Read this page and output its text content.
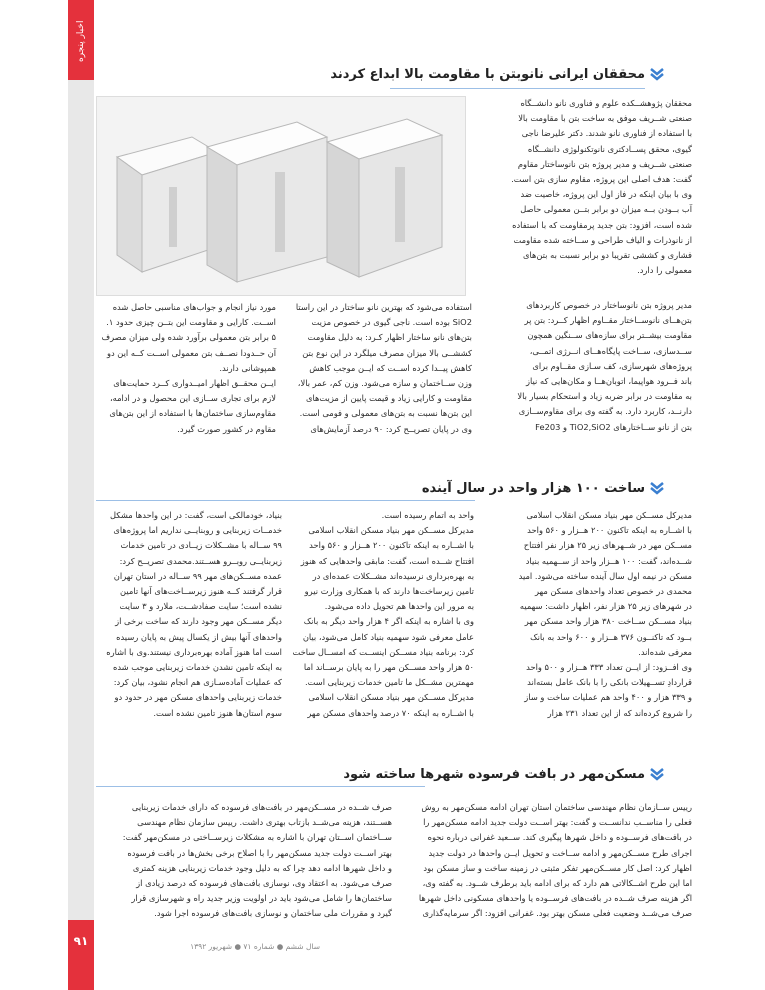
اخبار پنجره
۹۱	سال ششم ● شماره ۷۱ ● شهریور ۱۳۹۲
محققان ایرانی نانوبتن با مقاومت بالا ابداع کردند

محققان پژوهشــکده علوم و فناوری نانو دانشــگاه
صنعتی شــریف موفق به ساخت بتن با مقاومت بالا
با استفاده از فناوری نانو شدند. دکتر علیرضا ناجی
گیوی، محقق پســادکتری نانوتکنولوژی دانشــگاه
صنعتی شــریف و مدیر پروژه بتن نانوساختار مقاوم
گفت: هدف اصلی این پروژه، مقاوم سازی بتن است.
وی با بیان اینکه در فاز اول این پروژه، خاصیت ضد
آب بــودن بــه میزان دو برابر بتــن معمولی حاصل
شده است، افزود: بتن جدید پرمقاومت که با استفاده
از نانوذرات و الیاف طراحی و ســاخته شده مقاومت
فشاری و کششی تقریبا دو برابر نسبت به بتن‌های
معمولی را دارد.

مدیر پروژه بتن نانوساختار در خصوص کاربردهای
بتن‌هــای نانوســاختار مقــاوم اظهار کــرد: بتن پر
مقاومت بیشــتر برای سازه‌های ســنگین همچون
ســدسازی، ســاخت پایگاه‌هــای انــرژی اتمــی،
پروژه‌های شهرسازی، کف سـازی مقــاوم برای
باند فــرود هواپیما، اتوبان‌هــا و مکان‌هایی که نیاز
به مقاومت در برابر ضربه زیاد و استحکام بسیار بالا
دارنــد، کاربرد دارد. به گفته وی برای مقاوم‌ســازی
بتن از نانو ســاختارهای TiO2,SiO2 و Fe203

استفاده می‌شود که بهترین نانو ساختار در این راستا
SiO2 بوده است. ناجی گیوی در خصوص مزیت
بتن‌های نانو ساختار اظهار کـرد: به دلیل مقاومت
کششــی بالا میزان مصرف میلگرد در این نوع بتن
کاهش پیــدا کرده اســت که ایــن موجب کاهش
وزن ســاختمان و سازه می‌شود. وزن کم، عمر بالا،
مقاومت و کارایی زیاد و قیمت پایین از مزیت‌های
این بتن‌ها نسبت به بتن‌های معمولی و فومی است.
وی در پایان تصریــح کرد: ۹۰ درصد آزمایش‌های

مورد نیاز انجام و جواب‌های مناسبی حاصل شده
اســت. کارایی و مقاومت این بتــن چیزی حدود ۱.
۵ برابر بتن معمولی برآورد شده ولی میزان مصرف
آن حــدودا نصــف بتن معمولی اســت کــه این دو
همپوشانی دارند.
ایــن محقــق اظهار امیــدواری کــرد حمایت‌های
لازم برای تجاری ســازی این محصول و در ادامه،
مقاوم‌سازی ساختمان‌ها با استفاده از این بتن‌های
مقاوم در کشور صورت گیرد.

ساخت ۱۰۰ هزار واحد در سال آینده

مدیرکل مســکن مهر بنیاد مسکن انقلاب اسلامی
با اشــاره به اینکه تاکنون ۲۰۰ هــزار و ۵۶۰ واحد
مســکن مهر در شــهرهای زیر ۲۵ هزار نفر افتتاح
شــده‌اند، گفت: ۱۰۰ هــزار واحد از ســهمیه بنیاد
مسکن در نیمه اول سال آینده ساخته می‌شود. امید
محمدی در خصوص تعداد واحدهای مسکن مهر
در شهرهای زیر ۲۵ هزار نفر، اظهار داشت: سهمیه
بنیاد مســکن ســاخت ۳۸۰ هزار واحد مسکن مهر
بــود که تاکنــون ۳۷۶ هــزار و ۶۰۰ واحد به بانک
معرفی شده‌اند.
وی افــزود: از ایــن تعداد ۳۳۳ هــزار و ۵۰۰ واحد
قراردادِ تســهیلات بانکی را با بانک عامل بسته‌اند
و ۳۳۹ هزار و ۴۰۰ واحد هم عملیات ساخت و ساز
را شروع کرده‌اند که از این تعداد ۲۳۱ هزار

واحد به اتمام رسیده است.
مدیرکل مســکن مهر بنیاد مسکن انقلاب اسلامی
با اشــاره به اینکه تاکنون ۲۰۰ هــزار و ۵۶۰ واحد
افتتاح شــده است، گفت: مابقی واحدهایی که هنوز
به بهره‌برداری نرسیده‌اند مشــکلات عمده‌ای در
تامین زیرساخت‌ها دارند که با همکاری وزارت نیرو
به مرور این واحدها هم تحویل داده می‌شود.
وی با اشاره به اینکه اگر ۴ هزار واحد دیگر به بانک
عامل معرفی شود سهمیه بنیاد کامل می‌شود، بیان
کرد: برنامه بنیاد مســکن اینســت که امســال ساخت
۵۰ هزار واحد مســکن مهر را به پایان برســاند اما
مهمترین مشــکل ما تامین خدمات زیربنایی است.
مدیرکل مســکن مهر بنیاد مسکن انقلاب اسلامی
با اشــاره به اینکه ۷۰ درصد واحدهای مسکن مهر

بنیاد، خودمالکی است، گفت: در این واحدها مشکل
خدمــات زیربنایی و روبنایــی نداریم اما پروژه‌های
۹۹ ســاله با مشــکلات زیــادی در تامین خدمات
زیربنایــی روبــرو هســتند.محمدی تصریــح کرد:
عمده مســکن‌های مهر ۹۹ ســاله در استان تهران
قرار گرفتند کــه هنوز زیرســاخت‌های آنها تامین
نشده است؛ سایت صفادشــت، ملارد و ۳ سایت
دیگر مســکن مهر وجود دارند که ساخت برخی از
واحدهای آنها بیش از یکسال پیش به پایان رسیده
است اما هنوز آماده بهره‌برداری نیستند.وی با اشاره
به اینکه تامین نشدن خدمات زیربنایی موجب شده
که عملیات آماده‌سـازی هم انجام نشود، بیان کرد:
خدمات زیربنایی واحدهای مسکن مهر در حدود دو
سوم استان‌ها هنوز تامین نشده است.

مسکن‌مهر در بافت فرسوده شهرها ساخته شود

رییس ســازمان نظام مهندسی ساختمان استان تهران ادامه مسکن‌مهر به روش
فعلی را مناســب ندانســت و گفت: بهتر اســت دولت جدید ادامه مسکن‌مهر را
در بافت‌های فرســوده و داخل شهرها پیگیری کند. ســعید غفرانی درباره نحوه
اجرای طرح مســکن‌مهر و ادامه ســاخت و تحویل ایــن واحدها در دولت جدید
اظهار کرد: اصل کار مســکن‌مهر تفکر مثبتی در زمینه ساخت و ساز مسکن بود
اما این طرح اشــکالاتی هم دارد که برای ادامه باید برطرف شــود. به گفته وی،
اگر هزینه صرف شــده در بافت‌های فرســوده یا واحدهای مسکونی داخل شهرها
صرف می‌شــد وضعیت فعلی مسکن بهتر بود. غفرانی افزود: اگر سرمایه‌گذاری

صرف شــده در مســکن‌مهر در بافت‌های فرسوده که دارای خدمات زیربنایی
هســتند، هزینه می‌شــد بازتاب بهتری داشت. رییس سازمان نظام مهندسی
ســاختمان اســتان تهران با اشاره به مشکلات زیرســاختی در مسکن‌مهر گفت:
بهتر اســت دولت جدید مسکن‌مهر را با اصلاح برخی بخش‌ها در بافت فرسوده
و داخل شهرها ادامه دهد چرا که به دلیل وجود خدمات زیربنایی هزینه کمتری
صرف می‌شود. به اعتقاد وی، نوسازی بافت‌های فرسوده که درصد زیادی از
ساختمان‌ها را شامل می‌شود باید در اولویت وزیر جدید راه و شهرسازی قرار
گیرد و مقررات ملی ساختمان و نوسازی بافت‌های فرسوده اجرا شود.
